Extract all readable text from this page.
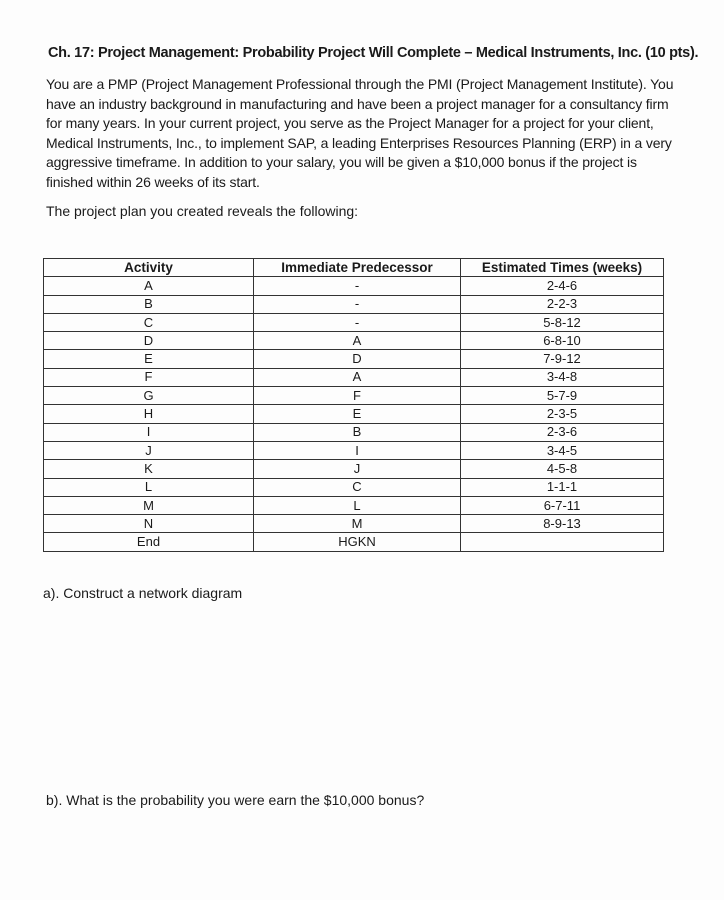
Ch. 17: Project Management: Probability Project Will Complete – Medical Instruments, Inc. (10 pts).
You are a PMP (Project Management Professional through the PMI (Project Management Institute). You have an industry background in manufacturing and have been a project manager for a consultancy firm for many years. In your current project, you serve as the Project Manager for a project for your client, Medical Instruments, Inc., to implement SAP, a leading Enterprises Resources Planning (ERP) in a very aggressive timeframe. In addition to your salary, you will be given a $10,000 bonus if the project is finished within 26 weeks of its start.
The project plan you created reveals the following:
Activity	Immediate Predecessor	Estimated Times (weeks)
A	-	2-4-6
B	-	2-2-3
C	-	5-8-12
D	A	6-8-10
E	D	7-9-12
F	A	3-4-8
G	F	5-7-9
H	E	2-3-5
I	B	2-3-6
J	I	3-4-5
K	J	4-5-8
L	C	1-1-1
M	L	6-7-11
N	M	8-9-13
End	HGKN	
a). Construct a network diagram
b). What is the probability you were earn the $10,000 bonus?
